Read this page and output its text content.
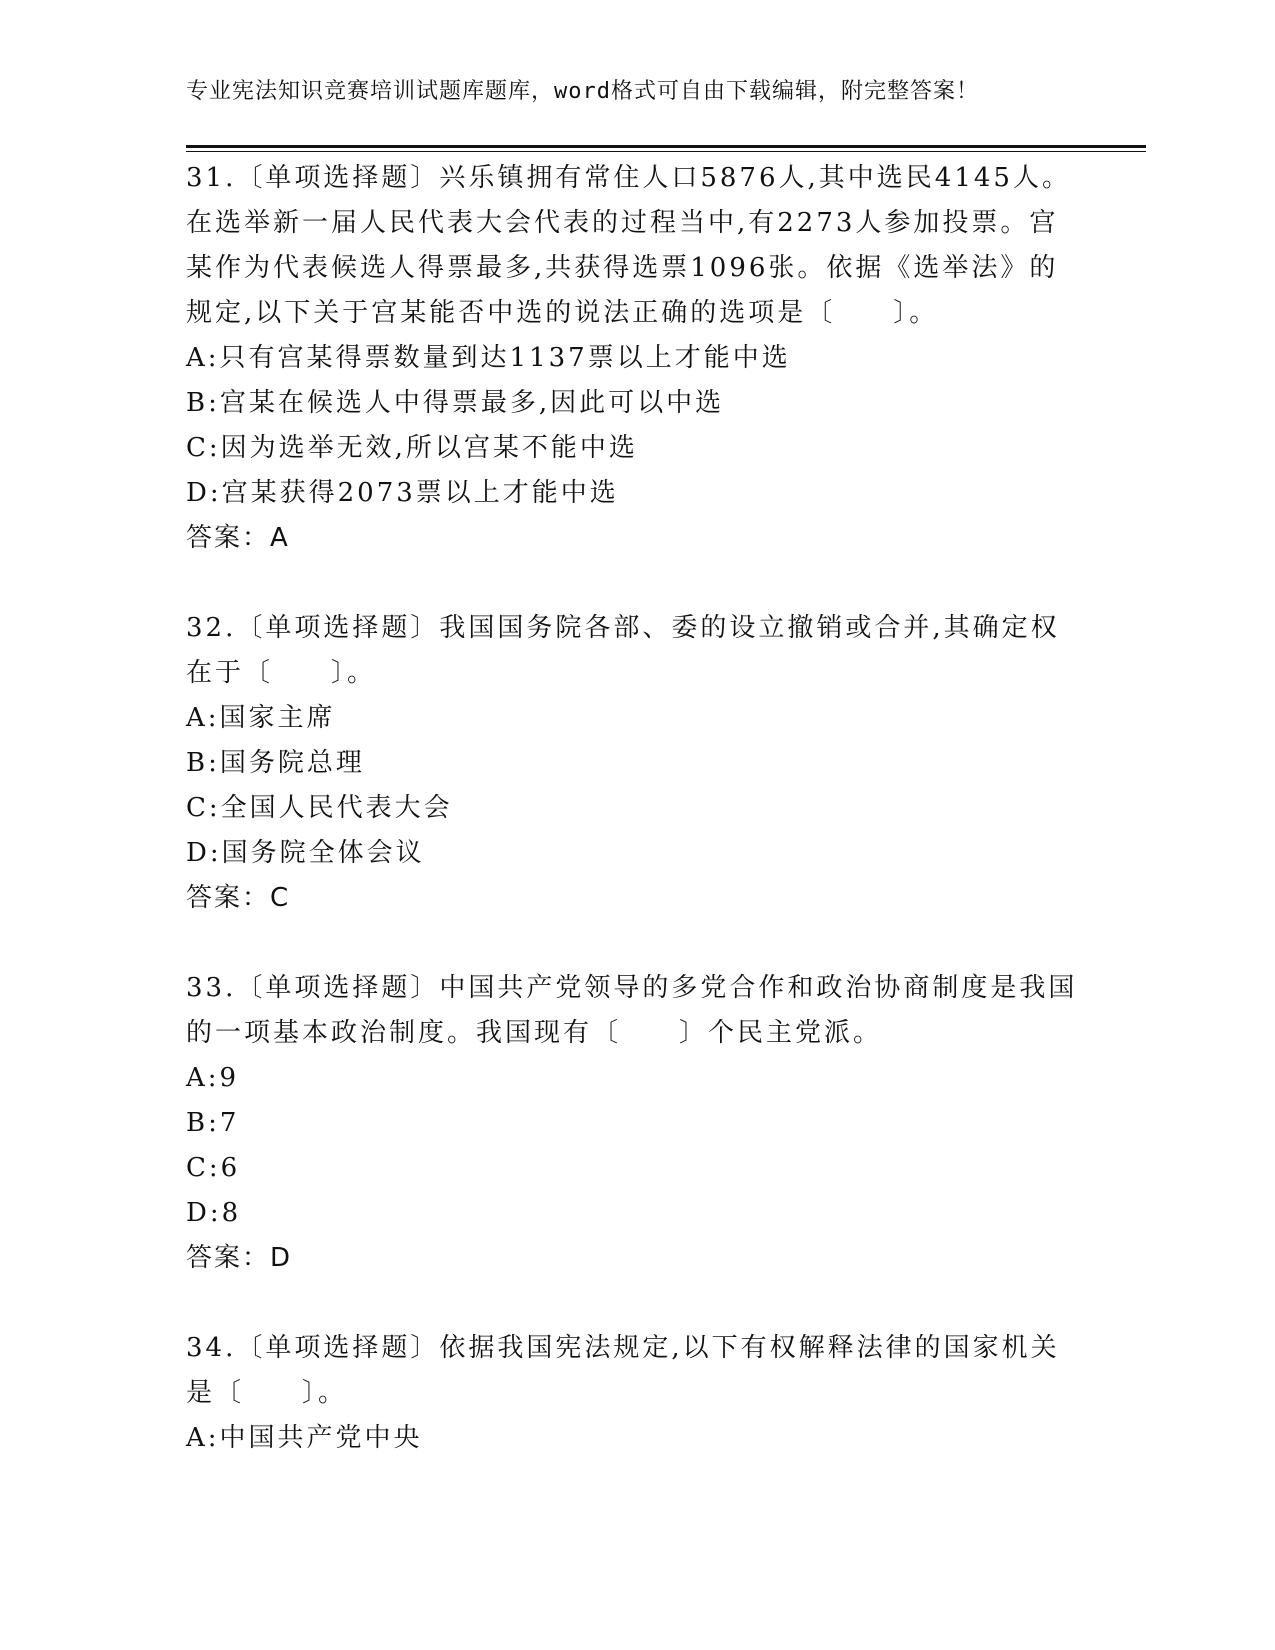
专业宪法知识竞赛培训试题库题库，word格式可自由下载编辑，附完整答案！

31.〔单项选择题〕兴乐镇拥有常住人口5876人,其中选民4145人。

在选举新一届人民代表大会代表的过程当中,有2273人参加投票。宫

某作为代表候选人得票最多,共获得选票1096张。依据《选举法》的

规定,以下关于宫某能否中选的说法正确的选项是〔　　〕。

A:只有宫某得票数量到达1137票以上才能中选

B:宫某在候选人中得票最多,因此可以中选

C:因为选举无效,所以宫某不能中选

D:宫某获得2073票以上才能中选

答案：A

32.〔单项选择题〕我国国务院各部、委的设立撤销或合并,其确定权

在于〔　　〕。

A:国家主席

B:国务院总理

C:全国人民代表大会

D:国务院全体会议

答案：C

33.〔单项选择题〕中国共产党领导的多党合作和政治协商制度是我国

的一项基本政治制度。我国现有〔　　〕个民主党派。

A:9

B:7

C:6

D:8

答案：D

34.〔单项选择题〕依据我国宪法规定,以下有权解释法律的国家机关

是〔　　〕。

A:中国共产党中央
